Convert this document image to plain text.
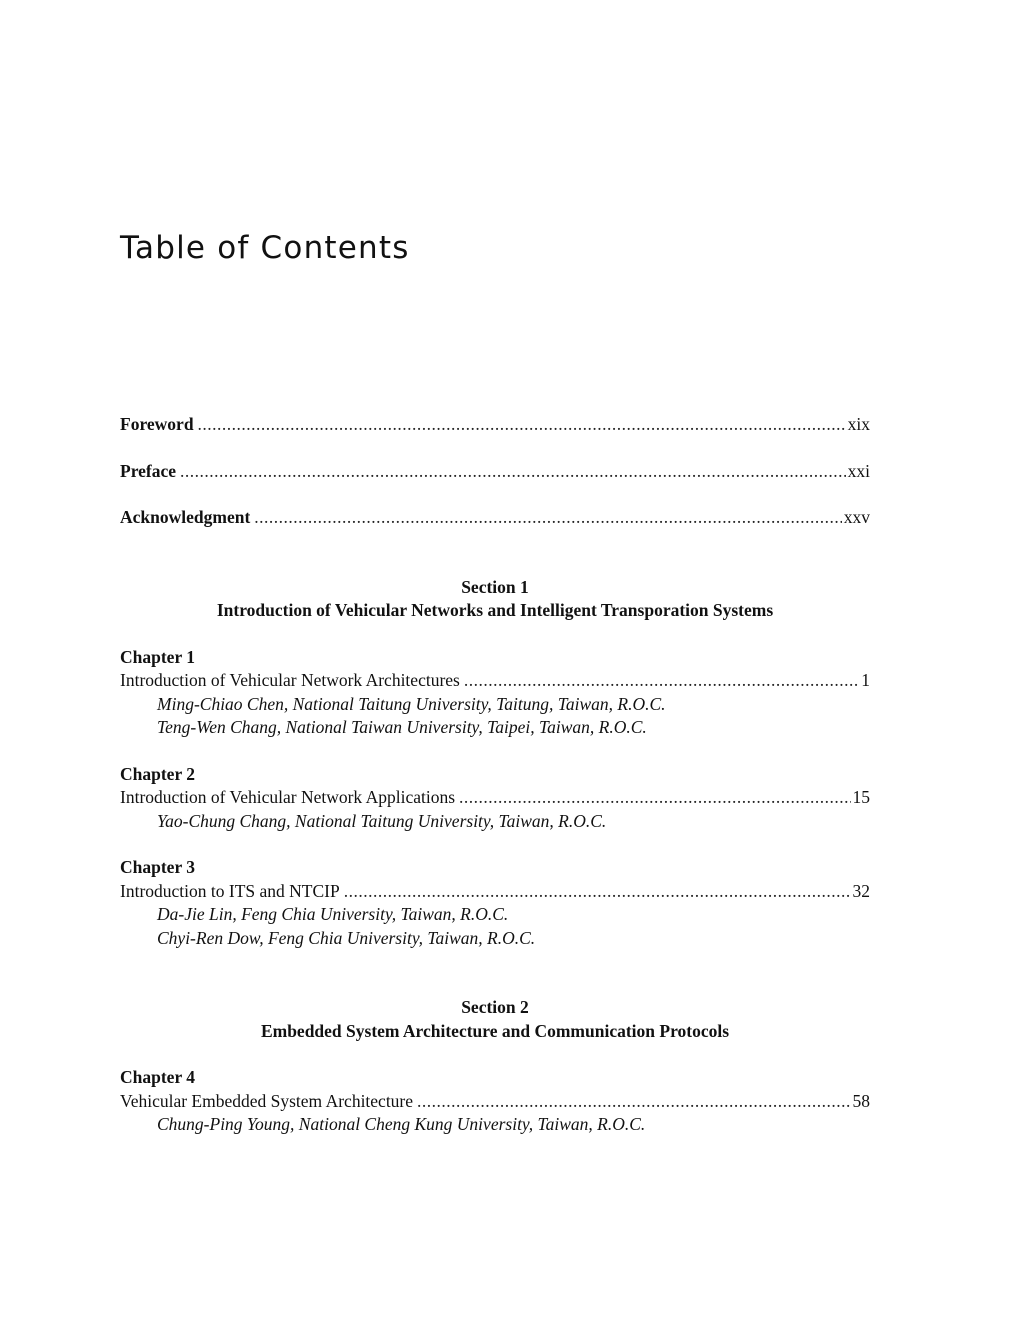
Table of Contents
Foreword .....	xix
Preface .....	xxi
Acknowledgment .....	xxv
Section 1
Introduction of Vehicular Networks and Intelligent Transporation Systems
Chapter 1
Introduction of Vehicular Network Architectures .....	1
Ming-Chiao Chen, National Taitung University, Taitung, Taiwan, R.O.C.
Teng-Wen Chang, National Taiwan University, Taipei, Taiwan, R.O.C.
Chapter 2
Introduction of Vehicular Network Applications .....	15
Yao-Chung Chang, National Taitung University, Taiwan, R.O.C.
Chapter 3
Introduction to ITS and NTCIP .....	32
Da-Jie Lin, Feng Chia University, Taiwan, R.O.C.
Chyi-Ren Dow, Feng Chia University, Taiwan, R.O.C.
Section 2
Embedded System Architecture and Communication Protocols
Chapter 4
Vehicular Embedded System Architecture .....	58
Chung-Ping Young, National Cheng Kung University, Taiwan, R.O.C.
